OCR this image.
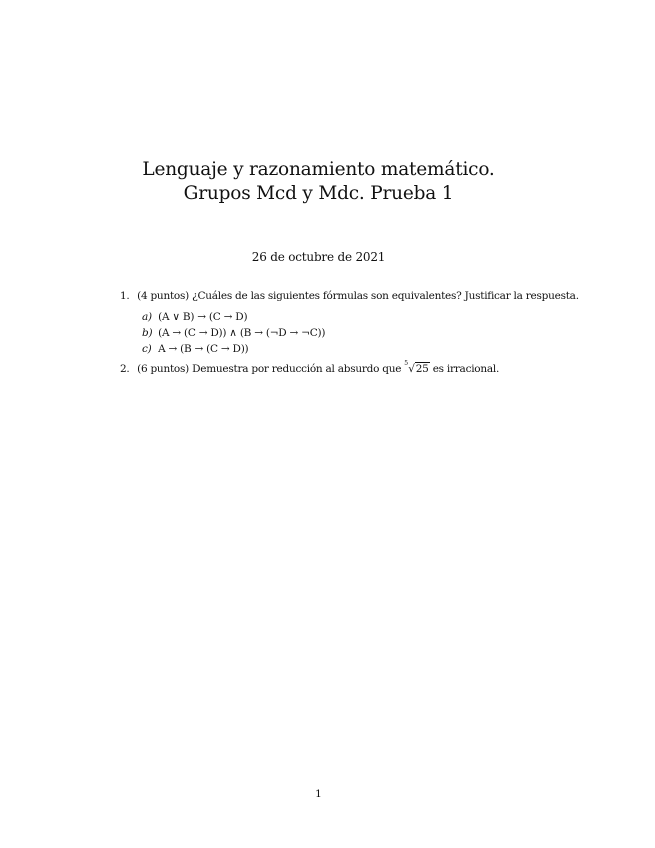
Lenguaje y razonamiento matemático.
Grupos Mcd y Mdc. Prueba 1
26 de octubre de 2021
1. (4 puntos) ¿Cuáles de las siguientes fórmulas son equivalentes? Justificar la respuesta.
a) (A ∨ B) → (C → D)
b) (A → (C → D)) ∧ (B → (¬D → ¬C))
c) A → (B → (C → D))
2. (6 puntos) Demuestra por reducción al absurdo que 5 √25 es irracional.
1
